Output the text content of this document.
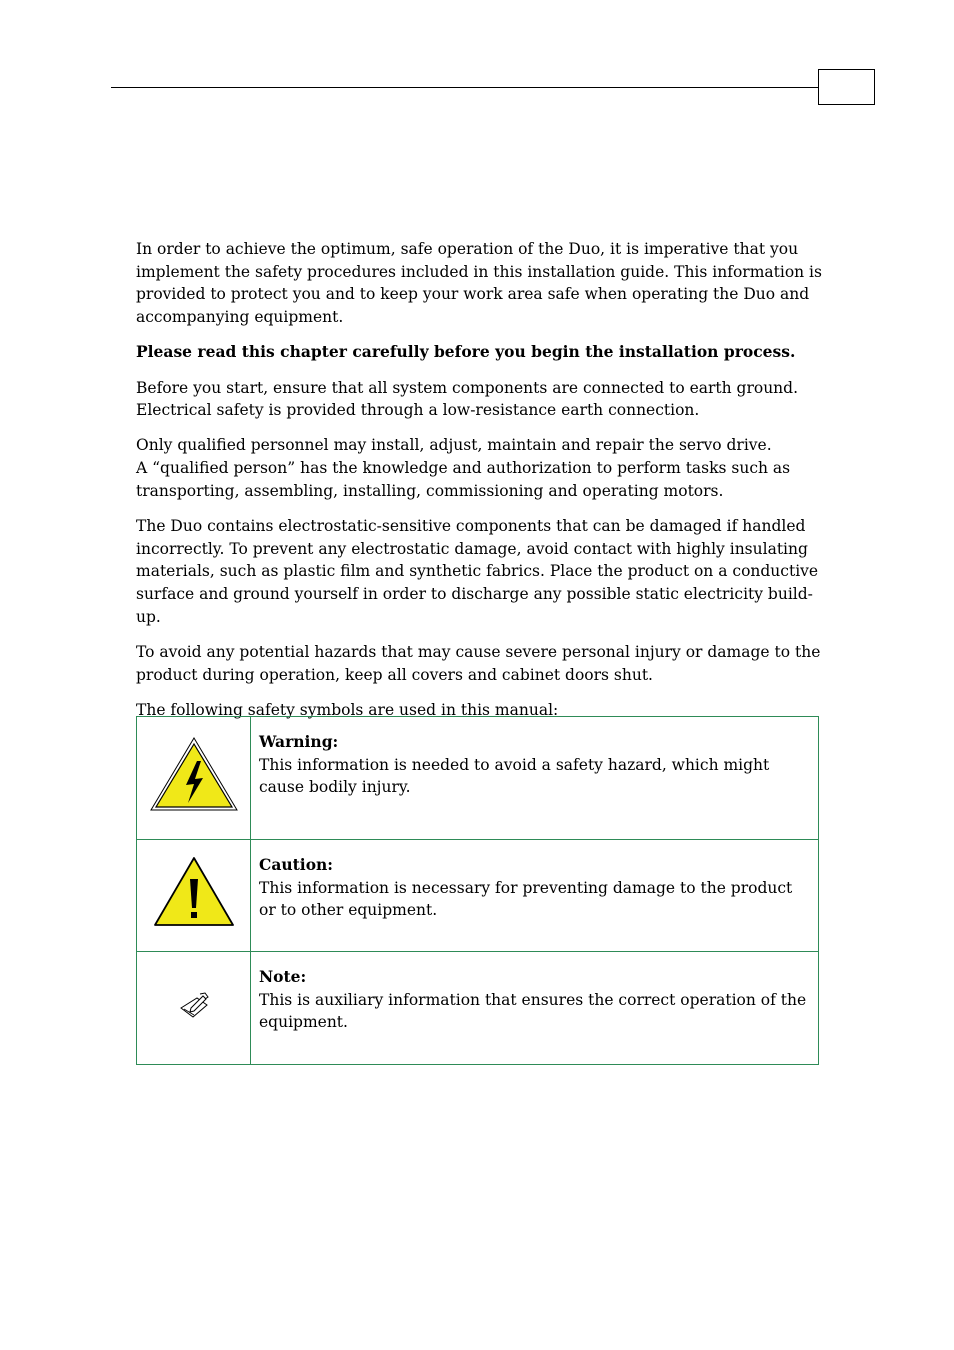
In order to achieve the optimum, safe operation of the Duo, it is imperative that you implement the safety procedures included in this installation guide. This information is provided to protect you and to keep your work area safe when operating the Duo and accompanying equipment.

Please read this chapter carefully before you begin the installation process.

Before you start, ensure that all system components are connected to earth ground. Electrical safety is provided through a low-resistance earth connection.

Only qualified personnel may install, adjust, maintain and repair the servo drive.
A “qualified person” has the knowledge and authorization to perform tasks such as transporting, assembling, installing, commissioning and operating motors.

The Duo contains electrostatic-sensitive components that can be damaged if handled incorrectly. To prevent any electrostatic damage, avoid contact with highly insulating materials, such as plastic film and synthetic fabrics. Place the product on a conductive surface and ground yourself in order to discharge any possible static electricity build-up.

To avoid any potential hazards that may cause severe personal injury or damage to the product during operation, keep all covers and cabinet doors shut.

The following safety symbols are used in this manual:

Warning:
This information is needed to avoid a safety hazard, which might cause bodily injury.

Caution:
This information is necessary for preventing damage to the product or to other equipment.

Note:
This is auxiliary information that ensures the correct operation of the equipment.
